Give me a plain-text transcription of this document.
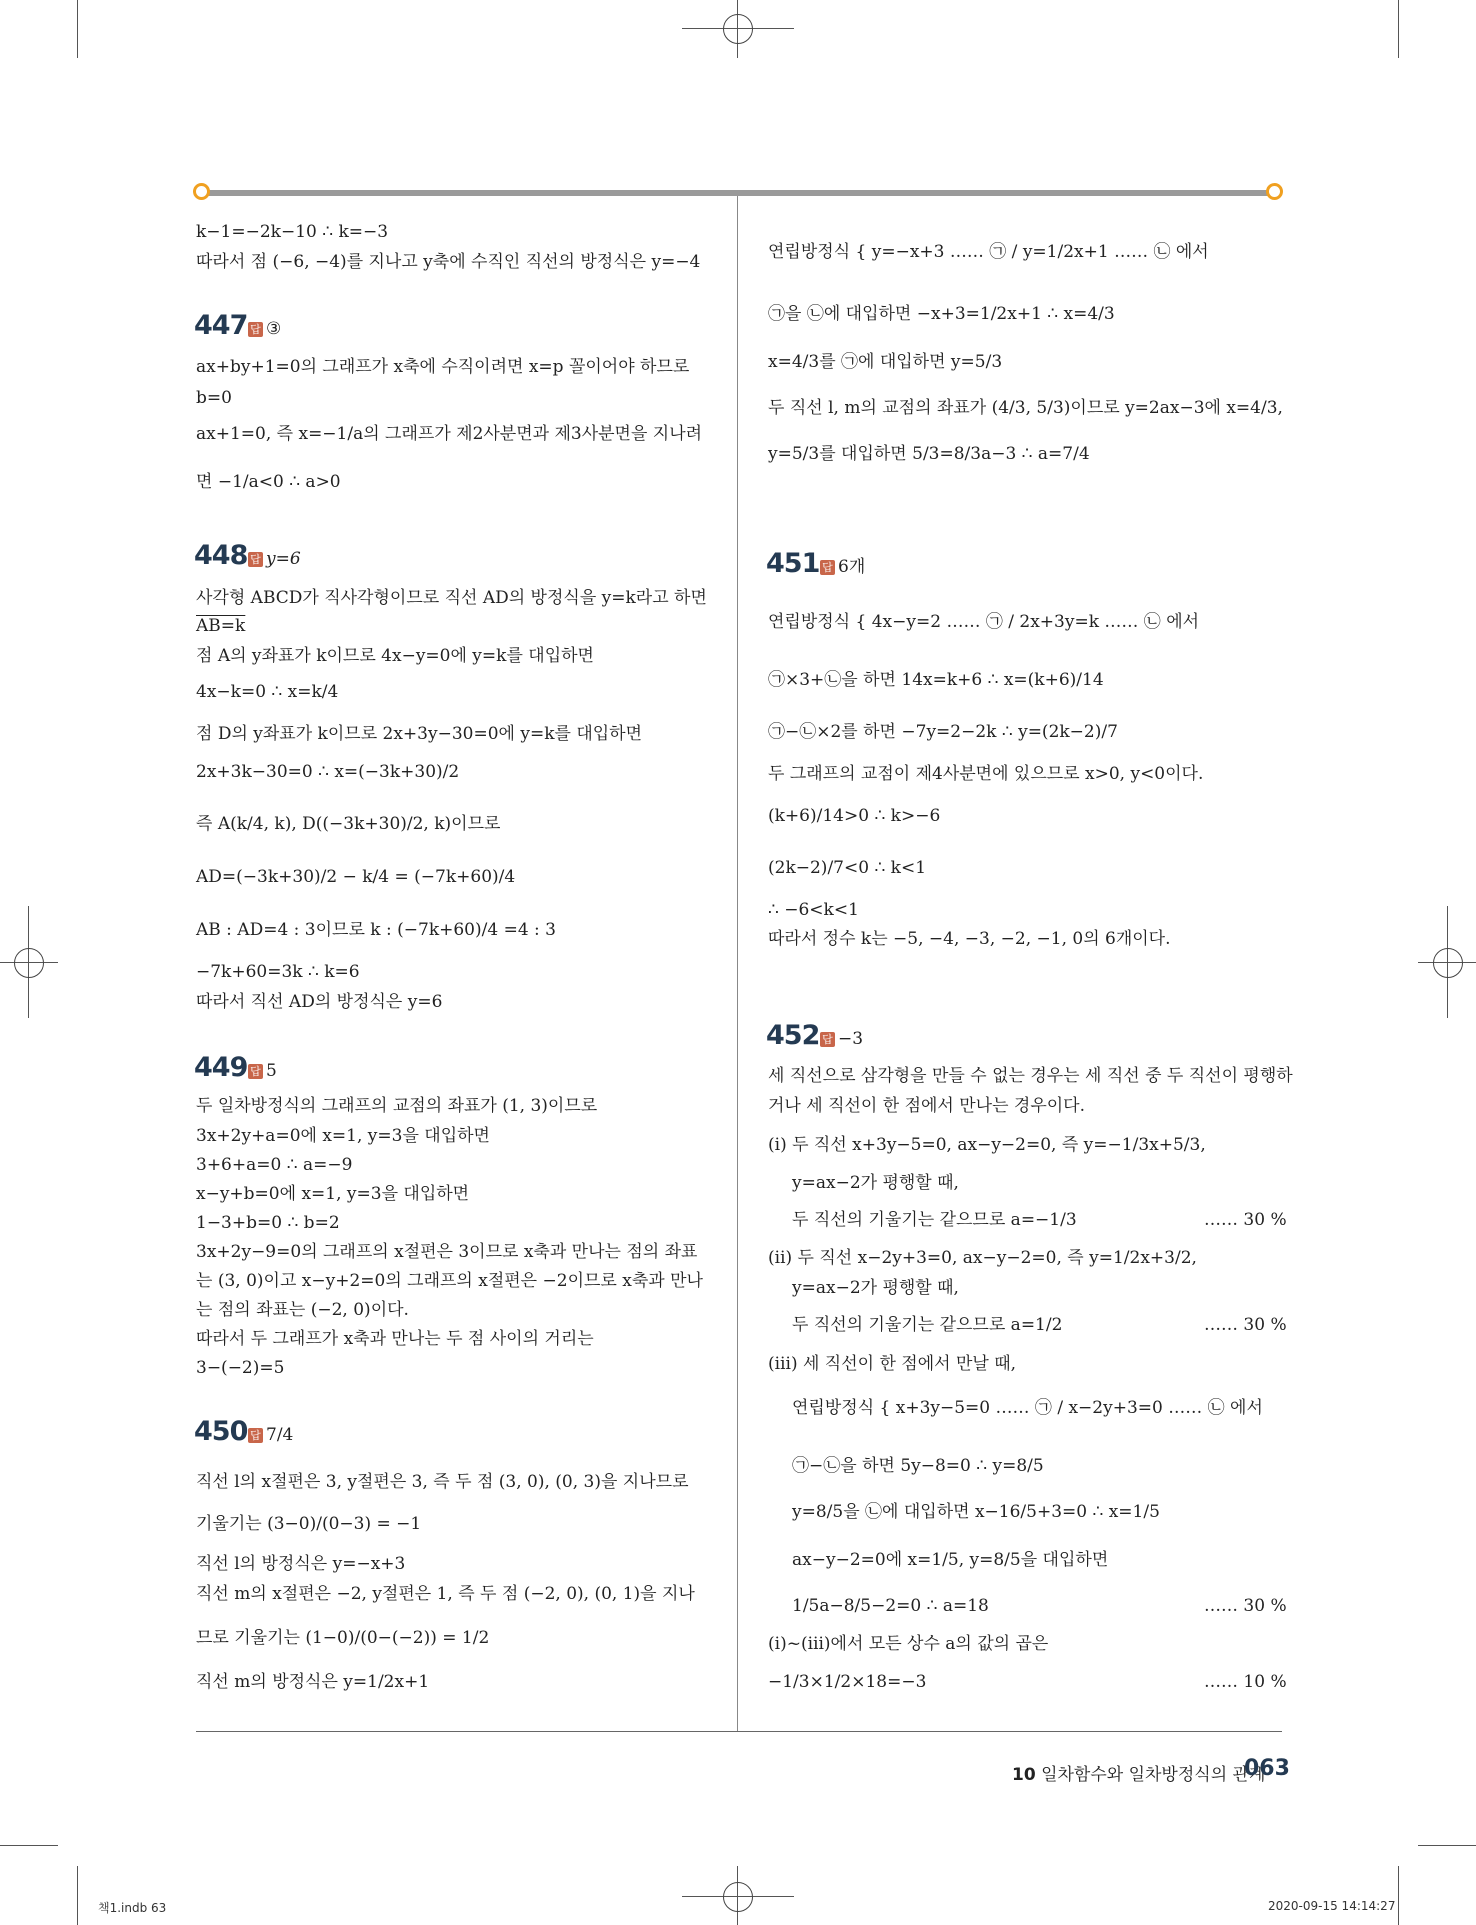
k−1=−2k−10 ∴ k=−3
따라서 점 (−6, −4)를 지나고 y축에 수직인 직선의 방정식은 y=−4
447 답 ③
ax+by+1=0의 그래프가 x축에 수직이려면 x=p 꼴이어야 하므로
b=0
ax+1=0, 즉 x=−1/a의 그래프가 제2사분면과 제3사분면을 지나려
면 −1/a<0 ∴ a>0
448 답 y=6
사각형 ABCD가 직사각형이므로 직선 AD의 방정식을 y=k라고 하면
AB=k
점 A의 y좌표가 k이므로 4x−y=0에 y=k를 대입하면
4x−k=0 ∴ x=k/4
점 D의 y좌표가 k이므로 2x+3y−30=0에 y=k를 대입하면
2x+3k−30=0 ∴ x=(−3k+30)/2
즉 A(k/4, k), D((−3k+30)/2, k)이므로
AD=(−3k+30)/2 − k/4 = (−7k+60)/4
AB : AD=4 : 3이므로 k : (−7k+60)/4 =4 : 3
−7k+60=3k ∴ k=6
따라서 직선 AD의 방정식은 y=6
449 답 5
두 일차방정식의 그래프의 교점의 좌표가 (1, 3)이므로
3x+2y+a=0에 x=1, y=3을 대입하면
3+6+a=0 ∴ a=−9
x−y+b=0에 x=1, y=3을 대입하면
1−3+b=0 ∴ b=2
3x+2y−9=0의 그래프의 x절편은 3이므로 x축과 만나는 점의 좌표
는 (3, 0)이고 x−y+2=0의 그래프의 x절편은 −2이므로 x축과 만나
는 점의 좌표는 (−2, 0)이다.
따라서 두 그래프가 x축과 만나는 두 점 사이의 거리는
3−(−2)=5
450 답 7/4
직선 l의 x절편은 3, y절편은 3, 즉 두 점 (3, 0), (0, 3)을 지나므로
기울기는 (3−0)/(0−3) = −1
직선 l의 방정식은 y=−x+3
직선 m의 x절편은 −2, y절편은 1, 즉 두 점 (−2, 0), (0, 1)을 지나
므로 기울기는 (1−0)/(0−(−2)) = 1/2
직선 m의 방정식은 y=1/2x+1
연립방정식 { y=−x+3 …… ㉠ / y=1/2x+1 …… ㉡ 에서
㉠을 ㉡에 대입하면 −x+3=1/2x+1 ∴ x=4/3
x=4/3를 ㉠에 대입하면 y=5/3
두 직선 l, m의 교점의 좌표가 (4/3, 5/3)이므로 y=2ax−3에 x=4/3,
y=5/3를 대입하면 5/3=8/3a−3 ∴ a=7/4
451 답 6개
연립방정식 { 4x−y=2 …… ㉠ / 2x+3y=k …… ㉡ 에서
㉠×3+㉡을 하면 14x=k+6 ∴ x=(k+6)/14
㉠−㉡×2를 하면 −7y=2−2k ∴ y=(2k−2)/7
두 그래프의 교점이 제4사분면에 있으므로 x>0, y<0이다.
(k+6)/14>0 ∴ k>−6
(2k−2)/7<0 ∴ k<1
∴ −6<k<1
따라서 정수 k는 −5, −4, −3, −2, −1, 0의 6개이다.
452 답 −3
세 직선으로 삼각형을 만들 수 없는 경우는 세 직선 중 두 직선이 평행하
거나 세 직선이 한 점에서 만나는 경우이다.
(ⅰ) 두 직선 x+3y−5=0, ax−y−2=0, 즉 y=−1/3x+5/3,
y=ax−2가 평행할 때,
두 직선의 기울기는 같으므로 a=−1/3	…… 30 %
(ⅱ) 두 직선 x−2y+3=0, ax−y−2=0, 즉 y=1/2x+3/2,
y=ax−2가 평행할 때,
두 직선의 기울기는 같으므로 a=1/2	…… 30 %
(ⅲ) 세 직선이 한 점에서 만날 때,
연립방정식 { x+3y−5=0 …… ㉠ / x−2y+3=0 …… ㉡ 에서
㉠−㉡을 하면 5y−8=0 ∴ y=8/5
y=8/5을 ㉡에 대입하면 x−16/5+3=0 ∴ x=1/5
ax−y−2=0에 x=1/5, y=8/5을 대입하면
1/5a−8/5−2=0 ∴ a=18	…… 30 %
(ⅰ)~(ⅲ)에서 모든 상수 a의 값의 곱은
−1/3×1/2×18=−3	…… 10 %
10 일차함수와 일차방정식의 관계
063
책1.indb 63	2020-09-15 14:14:27
